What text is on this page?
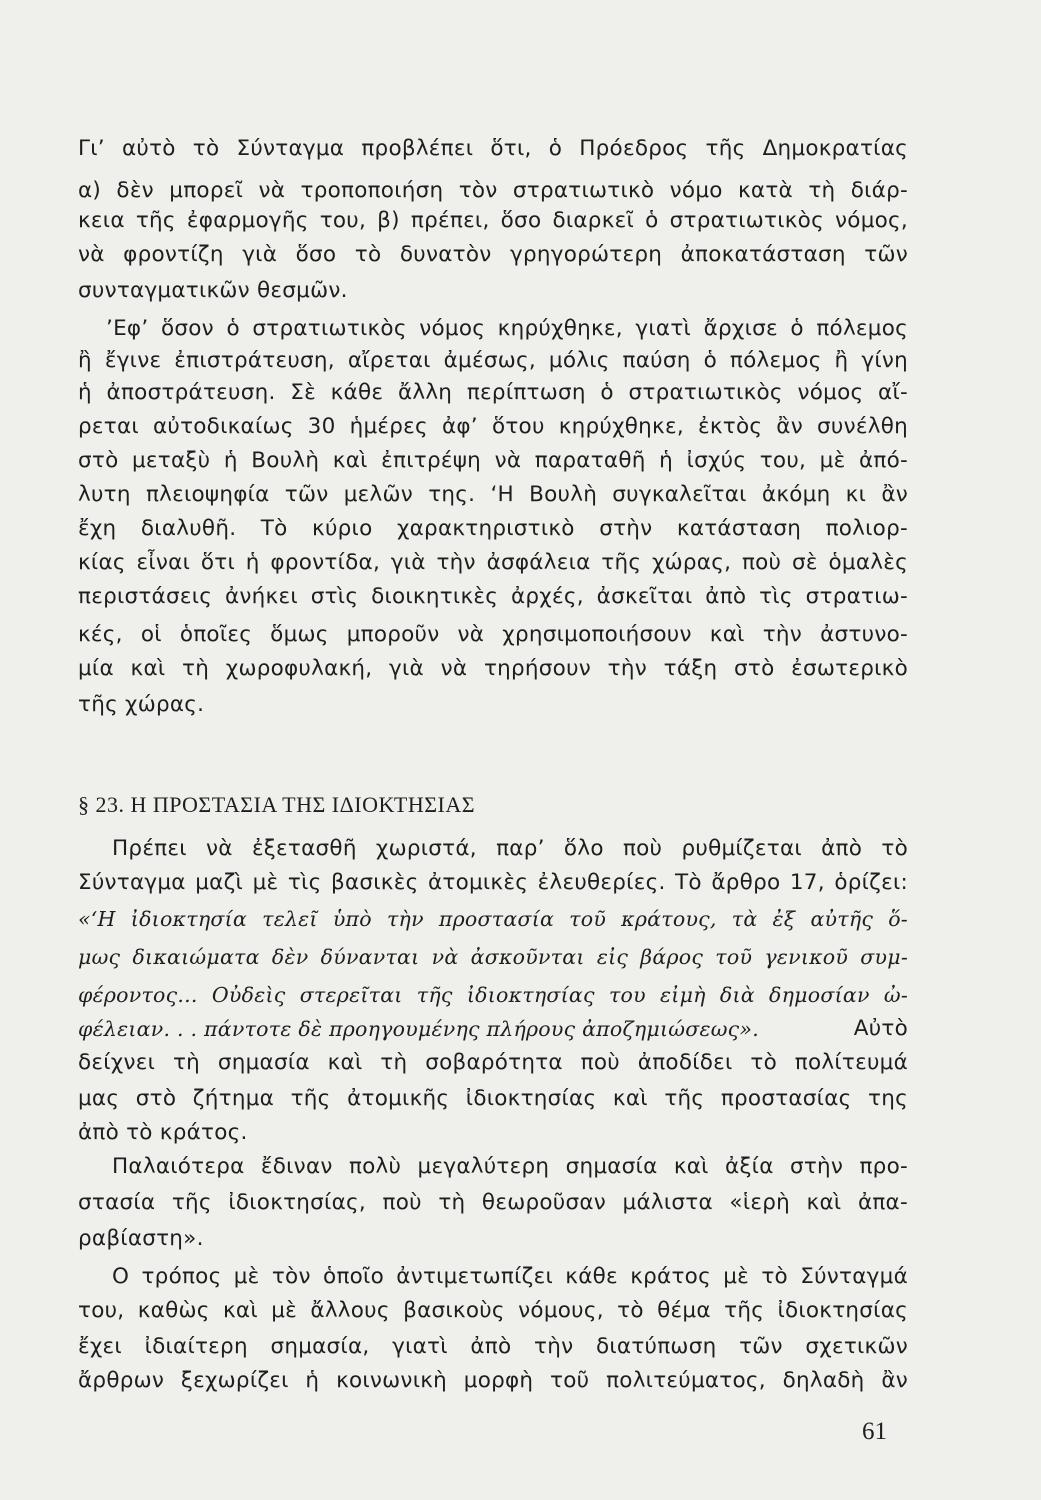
Γι’ αὐτὸ τὸ Σύνταγμα προβλέπει ὅτι, ὁ Πρόεδρος τῆς Δημοκρατίας
α) δὲν μπορεῖ νὰ τροποποιήση τὸν στρατιωτικὸ νόμο κατὰ τὴ διάρ-
κεια τῆς ἐφαρμογῆς του, β) πρέπει, ὅσο διαρκεῖ ὁ στρατιωτικὸς νόμος,
νὰ φροντίζη γιὰ ὅσο τὸ δυνατὸν γρηγορώτερη ἀποκατάσταση τῶν
συνταγματικῶν θεσμῶν.
’Εφ’ ὅσον ὁ στρατιωτικὸς νόμος κηρύχθηκε, γιατὶ ἄρχισε ὁ πόλεμος
ἢ ἔγινε ἐπιστράτευση, αἴρεται ἀμέσως, μόλις παύση ὁ πόλεμος ἢ γίνη
ἡ ἀποστράτευση. Σὲ κάθε ἄλλη περίπτωση ὁ στρατιωτικὸς νόμος αἴ-
ρεται αὐτοδικαίως 30 ἡμέρες ἀφ’ ὅτου κηρύχθηκε, ἐκτὸς ἂν συνέλθη
στὸ μεταξὺ ἡ Βουλὴ καὶ ἐπιτρέψη νὰ παραταθῆ ἡ ἰσχύς του, μὲ ἀπό-
λυτη πλειοψηφία τῶν μελῶν της. ‘Η Βουλὴ συγκαλεῖται ἀκόμη κι ἂν
ἔχη διαλυθῆ. Τὸ κύριο χαρακτηριστικὸ στὴν κατάσταση πολιορ-
κίας εἶναι ὅτι ἡ φροντίδα, γιὰ τὴν ἀσφάλεια τῆς χώρας, ποὺ σὲ ὁμαλὲς
περιστάσεις ἀνήκει στὶς διοικητικὲς ἀρχές, ἀσκεῖται ἀπὸ τὶς στρατιω-
κές, οἱ ὁποῖες ὅμως μποροῦν νὰ χρησιμοποιήσουν καὶ τὴν ἀστυνο-
μία καὶ τὴ χωροφυλακή, γιὰ νὰ τηρήσουν τὴν τάξη στὸ ἐσωτερικὸ
τῆς χώρας.
§ 23. Η ΠΡΟΣΤΑΣΙΑ ΤΗΣ ΙΔΙΟΚΤΗΣΙΑΣ
Πρέπει νὰ ἐξετασθῆ χωριστά, παρ’ ὅλο ποὺ ρυθμίζεται ἀπὸ τὸ
Σύνταγμα μαζὶ μὲ τὶς βασικὲς ἀτομικὲς ἐλευθερίες. Τὸ ἄρθρο 17, ὁρίζει:
«‘Η ἰδιοκτησία τελεῖ ὑπὸ τὴν προστασία τοῦ κράτους, τὰ ἐξ αὐτῆς ὅ-
μως δικαιώματα δὲν δύνανται νὰ ἀσκοῦνται εἰς βάρος τοῦ γενικοῦ συμ-
φέροντος... Οὐδεὶς στερεῖται τῆς ἰδιοκτησίας του εἰμὴ διὰ δημοσίαν ὠ-
φέλειαν. . . πάντοτε δὲ προηγουμένης πλήρους ἀποζημιώσεως».	Αὐτὸ
δείχνει τὴ σημασία καὶ τὴ σοβαρότητα ποὺ ἀποδίδει τὸ πολίτευμά
μας στὸ ζήτημα τῆς ἀτομικῆς ἰδιοκτησίας καὶ τῆς προστασίας της
ἀπὸ τὸ κράτος.
Παλαιότερα ἔδιναν πολὺ μεγαλύτερη σημασία καὶ ἀξία στὴν προ-
στασία τῆς ἰδιοκτησίας, ποὺ τὴ θεωροῦσαν μάλιστα «ἱερὴ καὶ ἀπα-
ραβίαστη».
Ο τρόπος μὲ τὸν ὁποῖο ἀντιμετωπίζει κάθε κράτος μὲ τὸ Σύνταγμά
του, καθὼς καὶ μὲ ἄλλους βασικοὺς νόμους, τὸ θέμα τῆς ἰδιοκτησίας
ἔχει ἰδιαίτερη σημασία, γιατὶ ἀπὸ τὴν διατύπωση τῶν σχετικῶν
ἄρθρων ξεχωρίζει ἡ κοινωνικὴ μορφὴ τοῦ πολιτεύματος, δηλαδὴ ἂν
61
